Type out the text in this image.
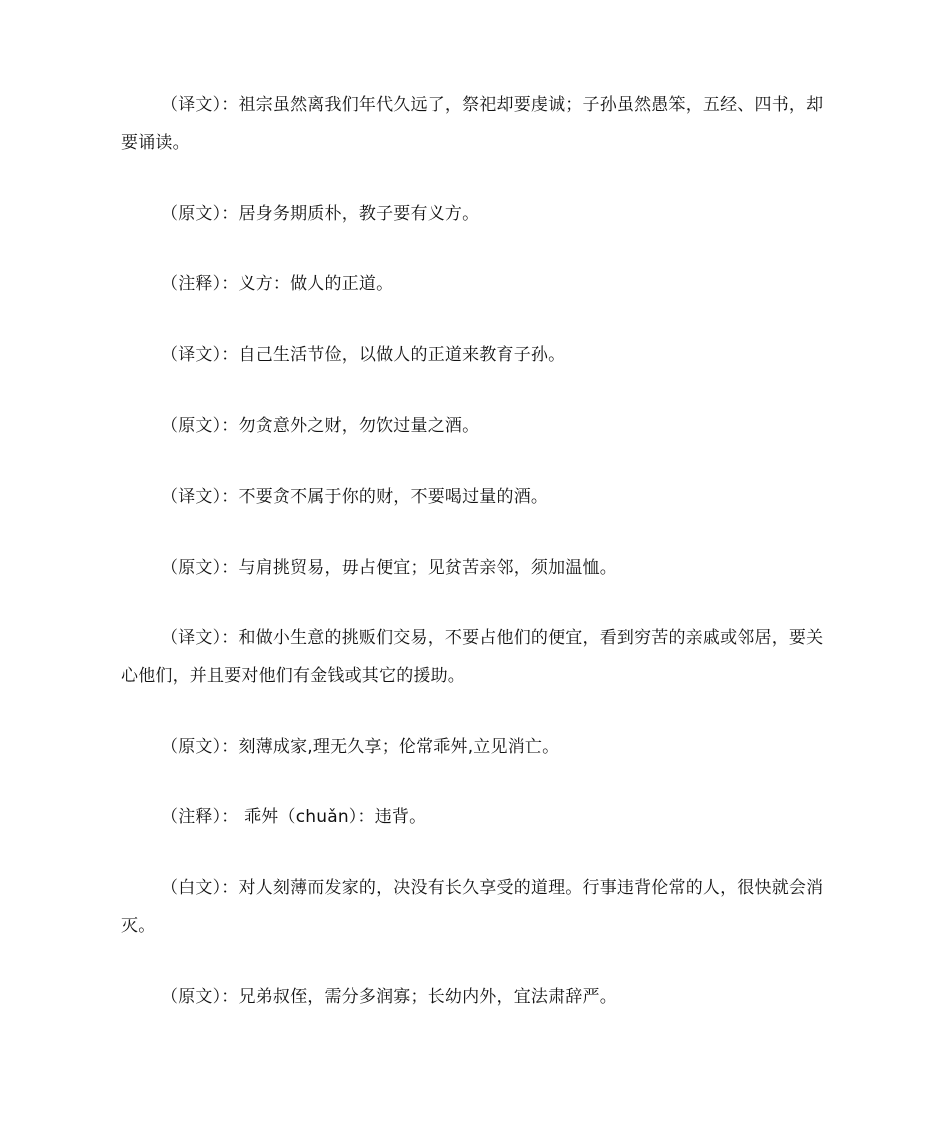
（译文）：祖宗虽然离我们年代久远了，祭祀却要虔诚；子孙虽然愚笨，五经、四书，却要诵读。

（原文）：居身务期质朴，教子要有义方。

（注释）：义方：做人的正道。

（译文）：自己生活节俭，以做人的正道来教育子孙。

（原文）：勿贪意外之财，勿饮过量之酒。

（译文）：不要贪不属于你的财，不要喝过量的酒。

（原文）：与肩挑贸易，毋占便宜；见贫苦亲邻，须加温恤。

（译文）：和做小生意的挑贩们交易，不要占他们的便宜，看到穷苦的亲戚或邻居，要关心他们，并且要对他们有金钱或其它的援助。

（原文）：刻薄成家,理无久享；伦常乖舛,立见消亡。

（注释）： 乖舛（chuǎn）：违背。

（白文）：对人刻薄而发家的，决没有长久享受的道理。行事违背伦常的人，很快就会消灭。

（原文）：兄弟叔侄，需分多润寡；长幼内外，宜法肃辞严。
